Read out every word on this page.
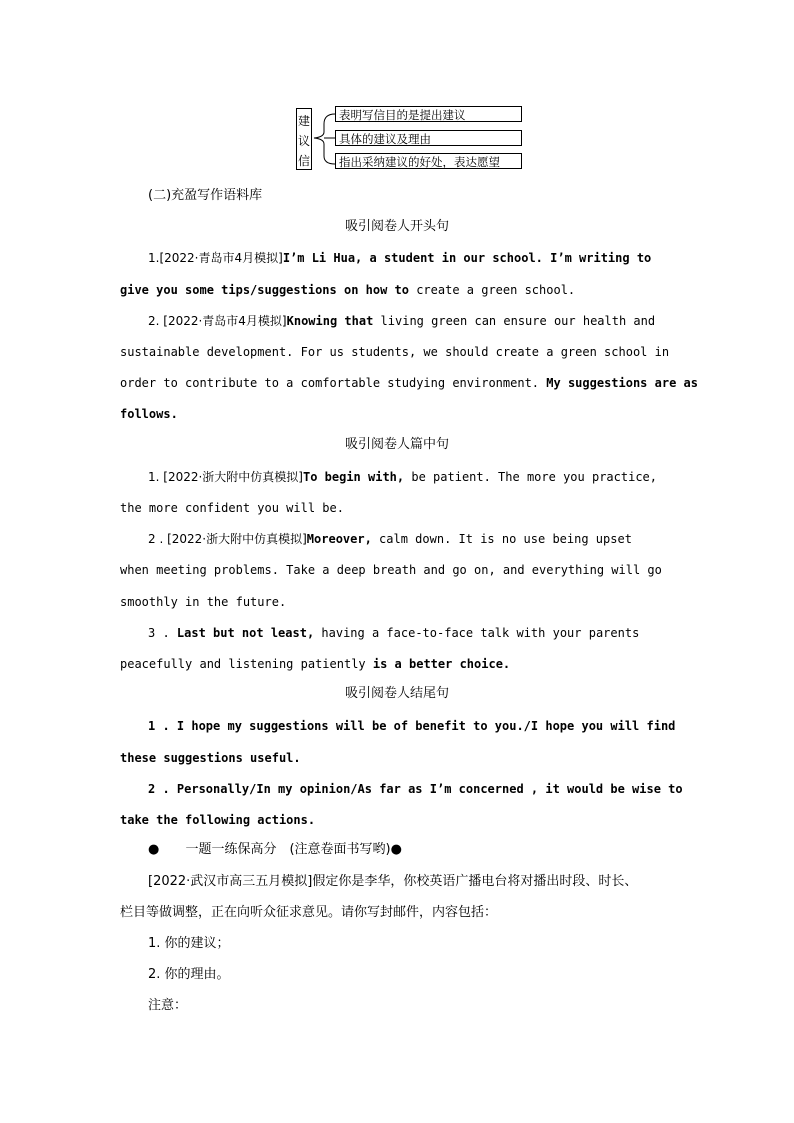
建
议
信
表明写信目的是提出建议
具体的建议及理由
指出采纳建议的好处，表达愿望
(二)充盈写作语料库
吸引阅卷人开头句
1.[2022·青岛市4月模拟]I’m Li Hua, a student in our school. I’m writing to
give you some tips/suggestions on how to create a green school.
2. [2022·青岛市4月模拟]Knowing that living green can ensure our health and
sustainable development. For us students, we should create a green school in
order to contribute to a comfortable studying environment. My suggestions are as
follows.
吸引阅卷人篇中句
1. [2022·浙大附中仿真模拟]To begin with, be patient. The more you practice,
the more confident you will be.
2 . [2022·浙大附中仿真模拟]Moreover, calm down. It is no use being upset
when meeting problems. Take a deep breath and go on, and everything will go
smoothly in the future.
3 . Last but not least, having a face-to-face talk with your parents
peacefully and listening patiently is a better choice.
吸引阅卷人结尾句
1 . I hope my suggestions will be of benefit to you./I hope you will find
these suggestions useful.
2 . Personally/In my opinion/As far as I’m concerned , it would be wise to
take the following actions.
● 一题一练保高分　(注意卷面书写哟)●
[2022·武汉市高三五月模拟]假定你是李华，你校英语广播电台将对播出时段、时长、
栏目等做调整，正在向听众征求意见。请你写封邮件，内容包括：
1. 你的建议；
2. 你的理由。
注意：
